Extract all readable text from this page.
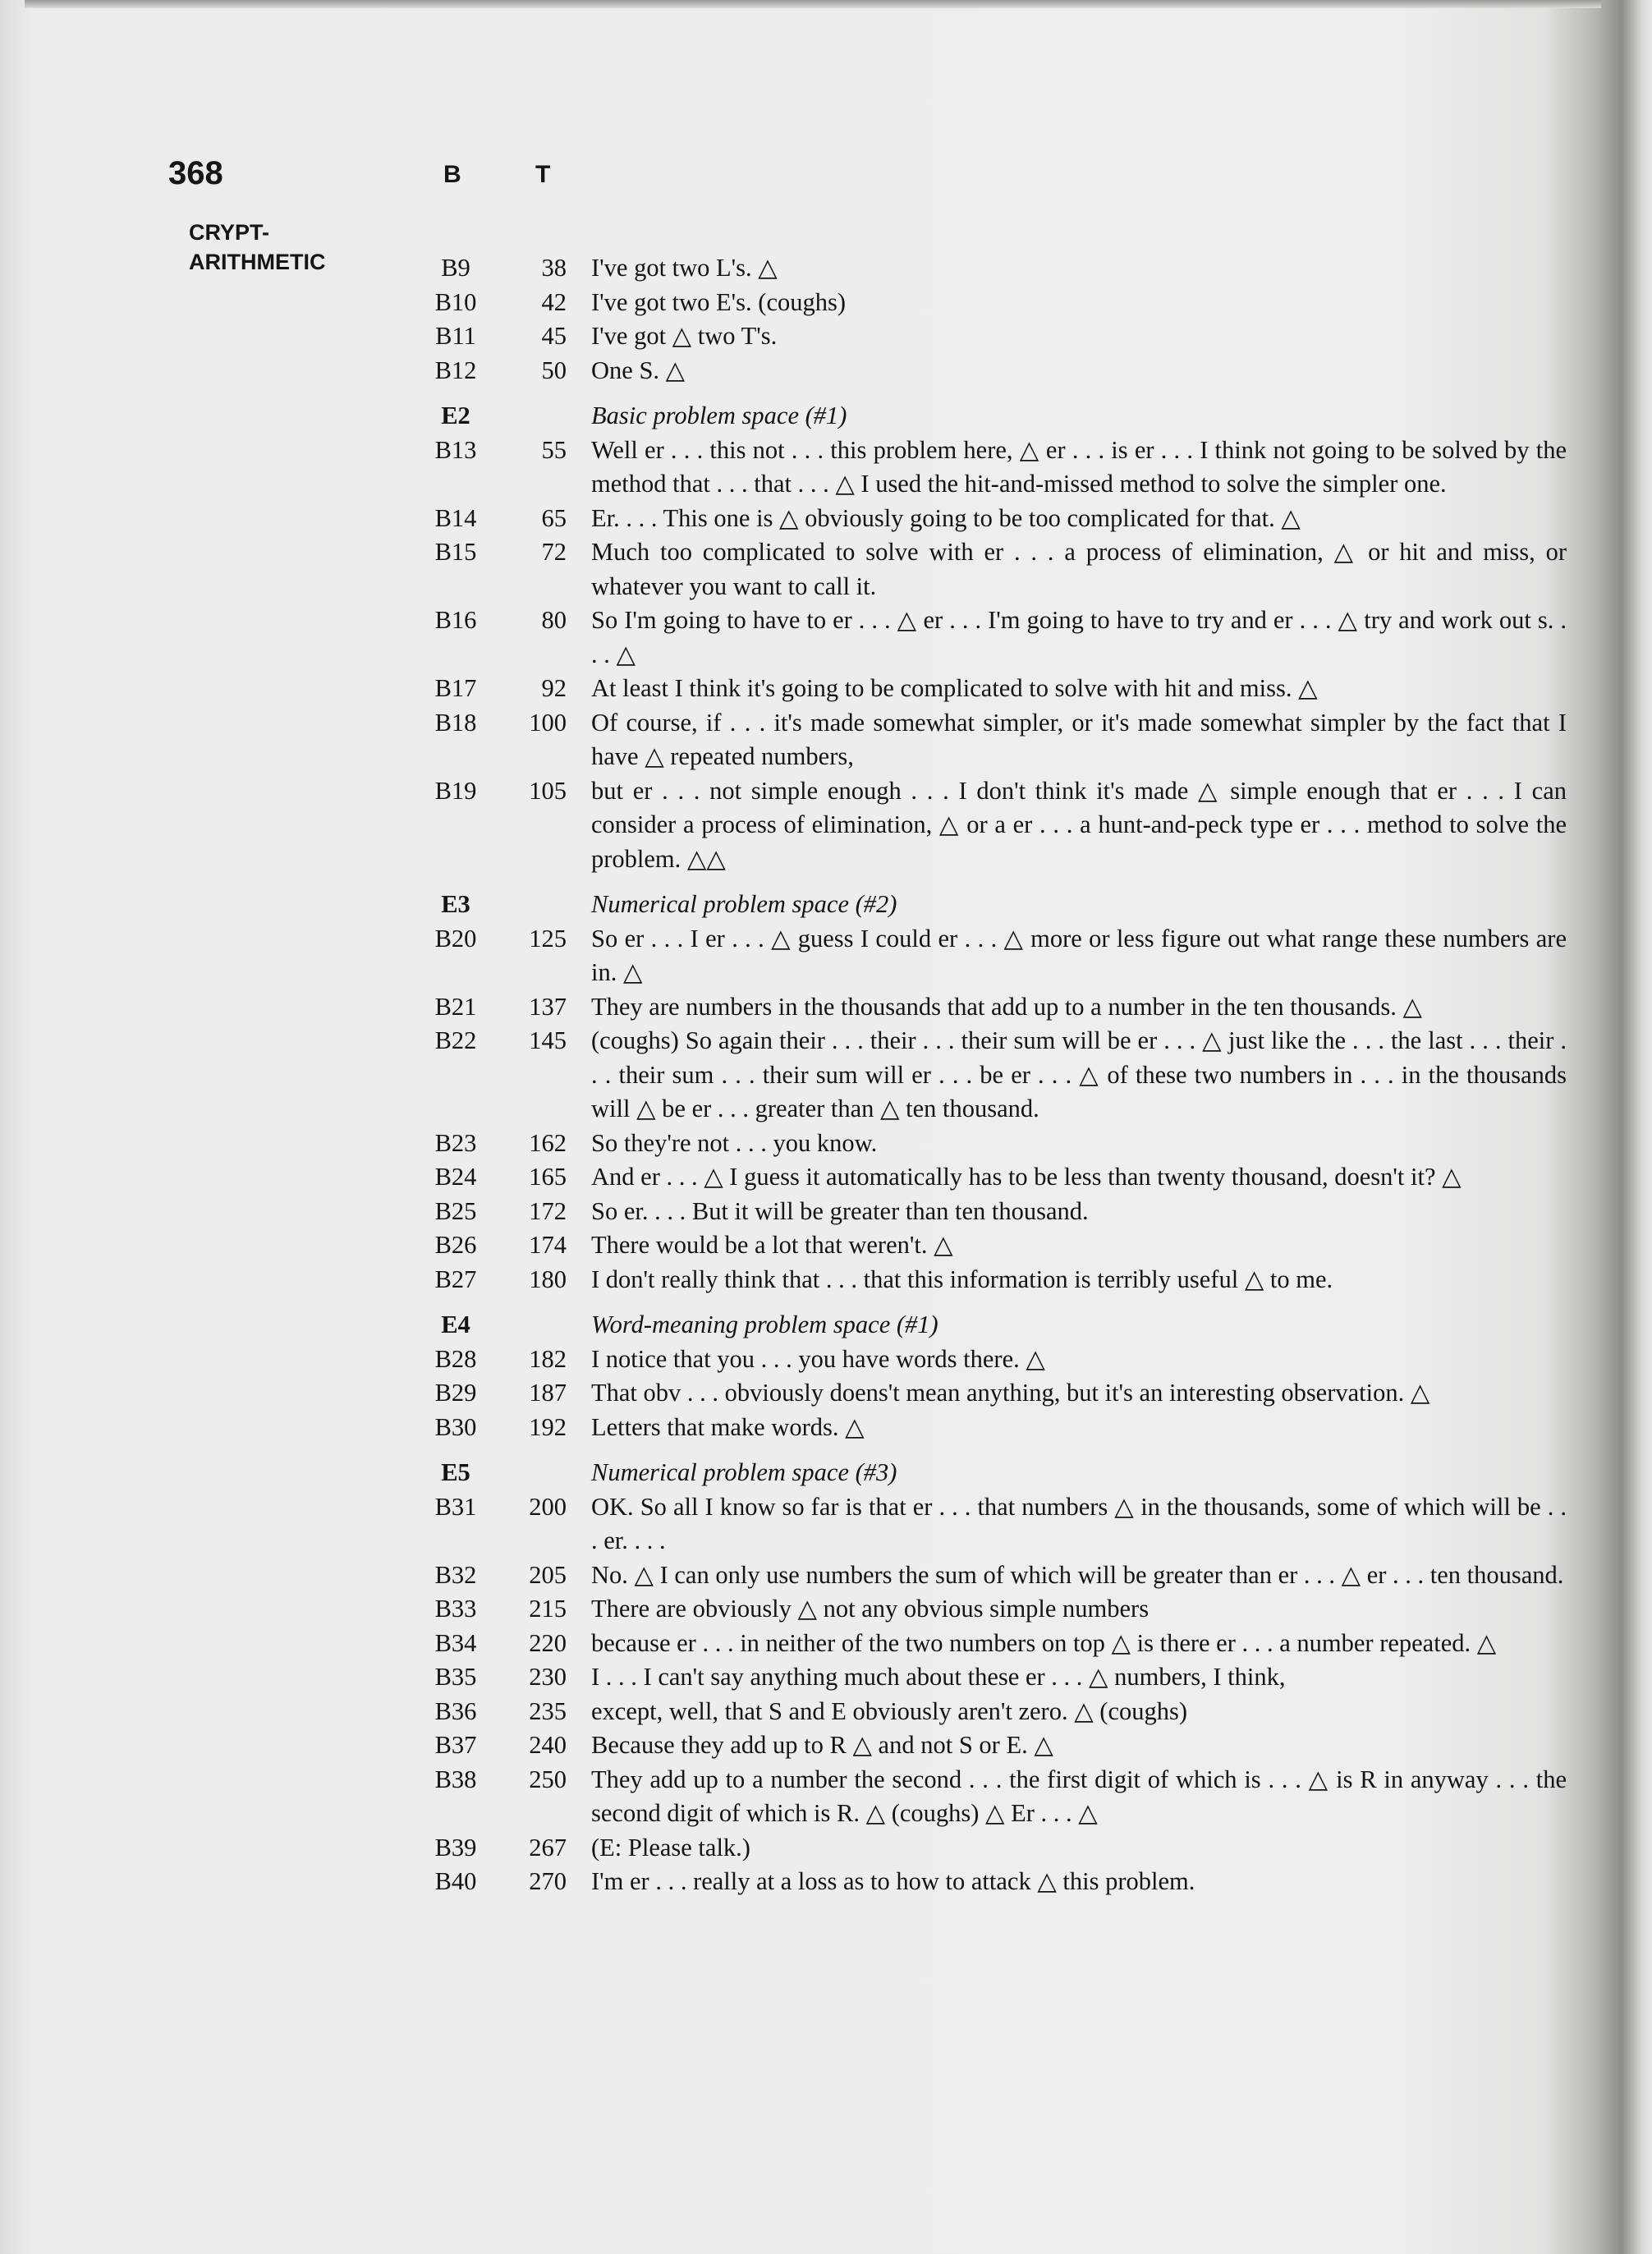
368
CRYPT-
ARITHMETIC
B	T
B9	38 I've got two L's. △
B10	42 I've got two E's. (coughs)
B11	45 I've got △ two T's.
B12	50 One S. △
E2	Basic problem space (#1)
B13	55 Well er . . . this not . . . this problem here, △ er . . . is er . . . I think not going to be solved by the method that . . . that . . . △ I used the hit-and-missed method to solve the simpler one.
B14	65 Er. . . . This one is △ obviously going to be too complicated for that. △
B15	72 Much too complicated to solve with er . . . a process of elimination, △ or hit and miss, or whatever you want to call it.
B16	80 So I'm going to have to er . . . △ er . . . I'm going to have to try and er . . . △ try and work out s. . . . △
B17	92 At least I think it's going to be complicated to solve with hit and miss. △
B18	100 Of course, if . . . it's made somewhat simpler, or it's made somewhat simpler by the fact that I have △ repeated numbers,
B19	105 but er . . . not simple enough . . . I don't think it's made △ simple enough that er . . . I can consider a process of elimination, △ or a er . . . a hunt-and-peck type er . . . method to solve the problem. △△
E3	Numerical problem space (#2)
B20	125 So er . . . I er . . . △ guess I could er . . . △ more or less figure out what range these numbers are in. △
B21	137 They are numbers in the thousands that add up to a number in the ten thousands. △
B22	145 (coughs) So again their . . . their . . . their sum will be er . . . △ just like the . . . the last . . . their . . . their sum . . . their sum will er . . . be er . . . △ of these two numbers in . . . in the thousands will △ be er . . . greater than △ ten thousand.
B23	162 So they're not . . . you know.
B24	165 And er . . . △ I guess it automatically has to be less than twenty thousand, doesn't it? △
B25	172 So er. . . . But it will be greater than ten thousand.
B26	174 There would be a lot that weren't. △
B27	180 I don't really think that . . . that this information is terribly useful △ to me.
E4	Word-meaning problem space (#1)
B28	182 I notice that you . . . you have words there. △
B29	187 That obv . . . obviously doens't mean anything, but it's an interesting observation. △
B30	192 Letters that make words. △
E5	Numerical problem space (#3)
B31	200 OK. So all I know so far is that er . . . that numbers △ in the thousands, some of which will be . . . er. . . .
B32	205 No. △ I can only use numbers the sum of which will be greater than er . . . △ er . . . ten thousand.
B33	215 There are obviously △ not any obvious simple numbers
B34	220 because er . . . in neither of the two numbers on top △ is there er . . . a number repeated. △
B35	230 I . . . I can't say anything much about these er . . . △ numbers, I think,
B36	235 except, well, that S and E obviously aren't zero. △ (coughs)
B37	240 Because they add up to R △ and not S or E. △
B38	250 They add up to a number the second . . . the first digit of which is . . . △ is R in anyway . . . the second digit of which is R. △ (coughs) △ Er . . . △
B39	267 (E: Please talk.)
B40	270 I'm er . . . really at a loss as to how to attack △ this problem.
